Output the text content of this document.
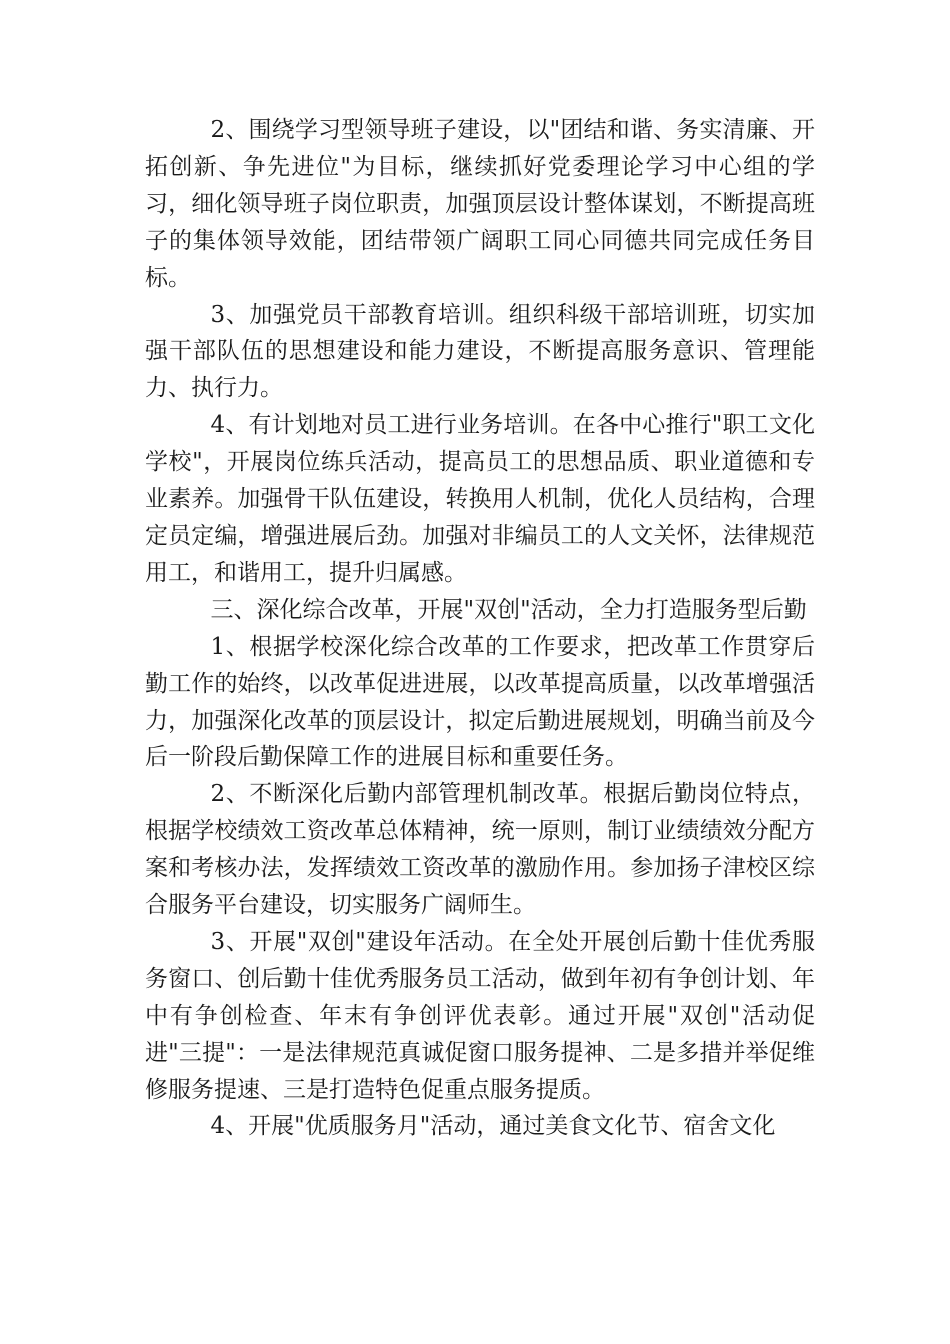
2、围绕学习型领导班子建设，以"团结和谐、务实清廉、开拓创新、争先进位"为目标，继续抓好党委理论学习中心组的学习，细化领导班子岗位职责，加强顶层设计整体谋划，不断提高班子的集体领导效能，团结带领广阔职工同心同德共同完成任务目标。

3、加强党员干部教育培训。组织科级干部培训班，切实加强干部队伍的思想建设和能力建设，不断提高服务意识、管理能力、执行力。

4、有计划地对员工进行业务培训。在各中心推行"职工文化学校"，开展岗位练兵活动，提高员工的思想品质、职业道德和专业素养。加强骨干队伍建设，转换用人机制，优化人员结构，合理定员定编，增强进展后劲。加强对非编员工的人文关怀，法律规范用工，和谐用工，提升归属感。

三、深化综合改革，开展"双创"活动，全力打造服务型后勤

1、根据学校深化综合改革的工作要求，把改革工作贯穿后勤工作的始终，以改革促进进展，以改革提高质量，以改革增强活力，加强深化改革的顶层设计，拟定后勤进展规划，明确当前及今后一阶段后勤保障工作的进展目标和重要任务。

2、不断深化后勤内部管理机制改革。根据后勤岗位特点，根据学校绩效工资改革总体精神，统一原则，制订业绩绩效分配方案和考核办法，发挥绩效工资改革的激励作用。参加扬子津校区综合服务平台建设，切实服务广阔师生。

3、开展"双创"建设年活动。在全处开展创后勤十佳优秀服务窗口、创后勤十佳优秀服务员工活动，做到年初有争创计划、年中有争创检查、年末有争创评优表彰。通过开展"双创"活动促进"三提"：一是法律规范真诚促窗口服务提神、二是多措并举促维修服务提速、三是打造特色促重点服务提质。

4、开展"优质服务月"活动，通过美食文化节、宿舍文化
